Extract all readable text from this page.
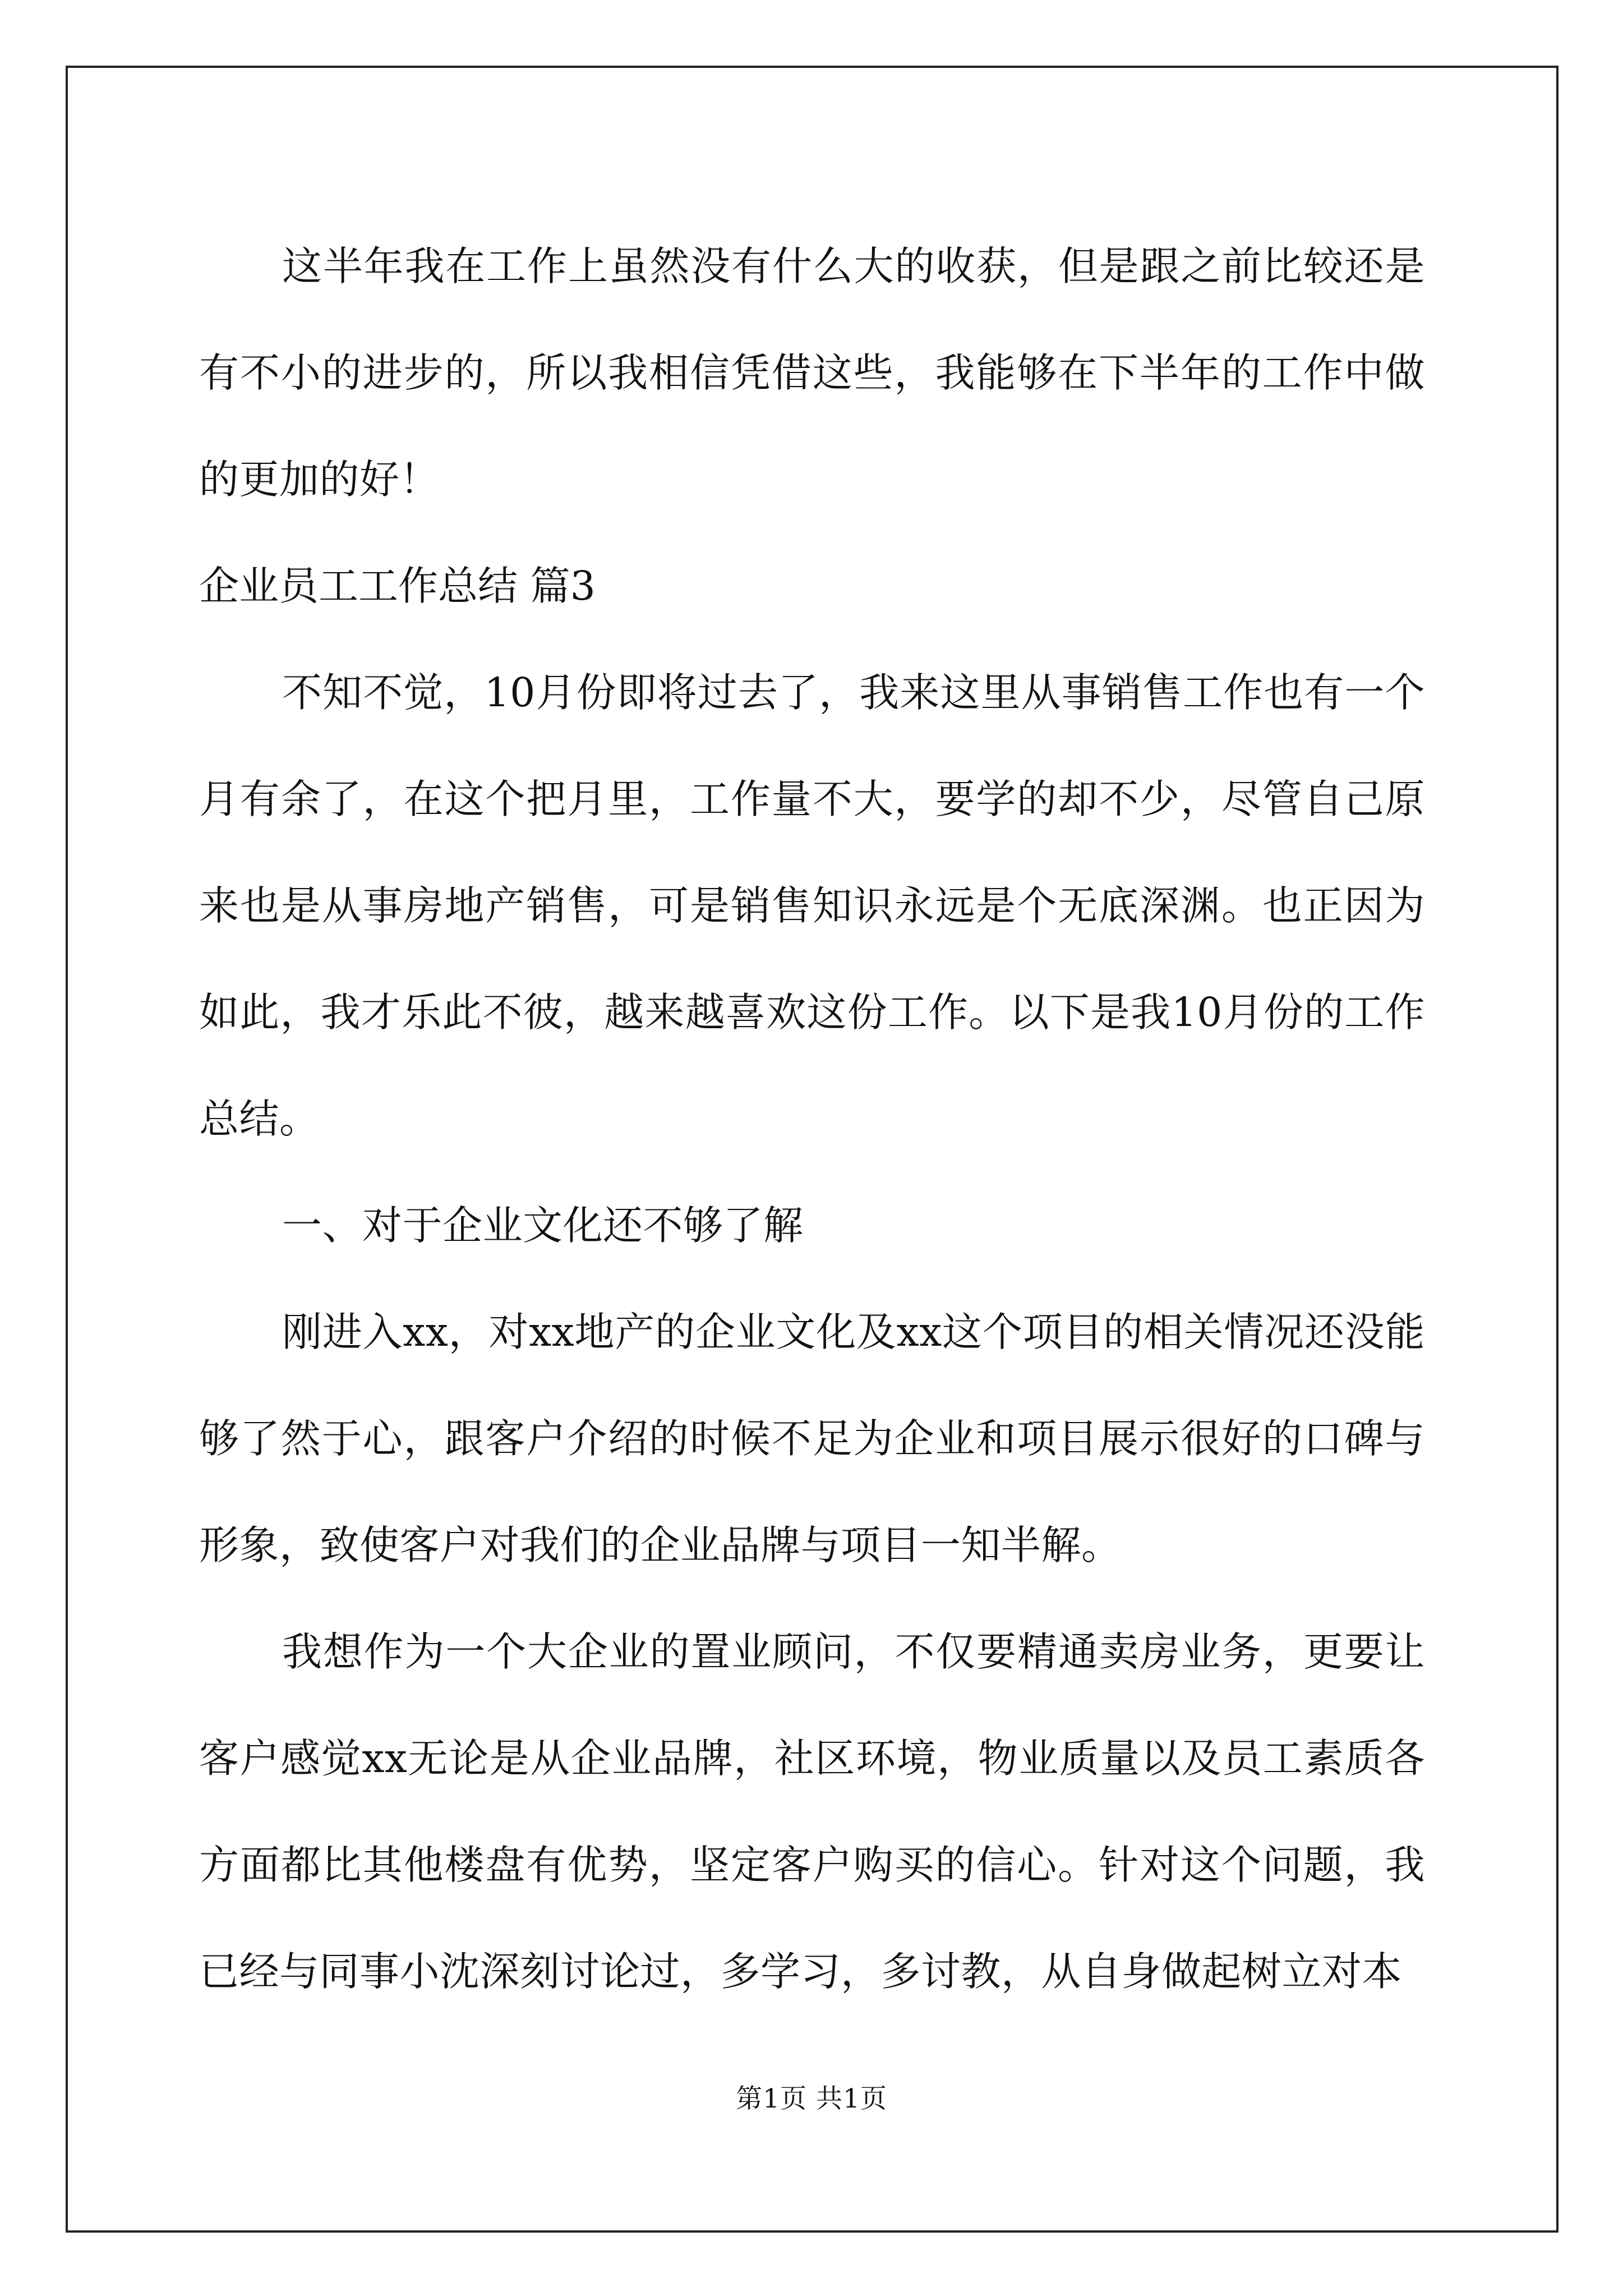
这半年我在工作上虽然没有什么大的收获，但是跟之前比较还是有不小的进步的，所以我相信凭借这些，我能够在下半年的工作中做的更加的好！

企业员工工作总结 篇3

不知不觉，10月份即将过去了，我来这里从事销售工作也有一个月有余了，在这个把月里，工作量不大，要学的却不少，尽管自己原来也是从事房地产销售，可是销售知识永远是个无底深渊。也正因为如此，我才乐此不彼，越来越喜欢这份工作。以下是我10月份的工作总结。

一、对于企业文化还不够了解

刚进入xx，对xx地产的企业文化及xx这个项目的相关情况还没能够了然于心，跟客户介绍的时候不足为企业和项目展示很好的口碑与形象，致使客户对我们的企业品牌与项目一知半解。

我想作为一个大企业的置业顾问，不仅要精通卖房业务，更要让客户感觉xx无论是从企业品牌，社区环境，物业质量以及员工素质各方面都比其他楼盘有优势，坚定客户购买的信心。针对这个问题，我已经与同事小沈深刻讨论过，多学习，多讨教，从自身做起树立对本

第1页 共1页
